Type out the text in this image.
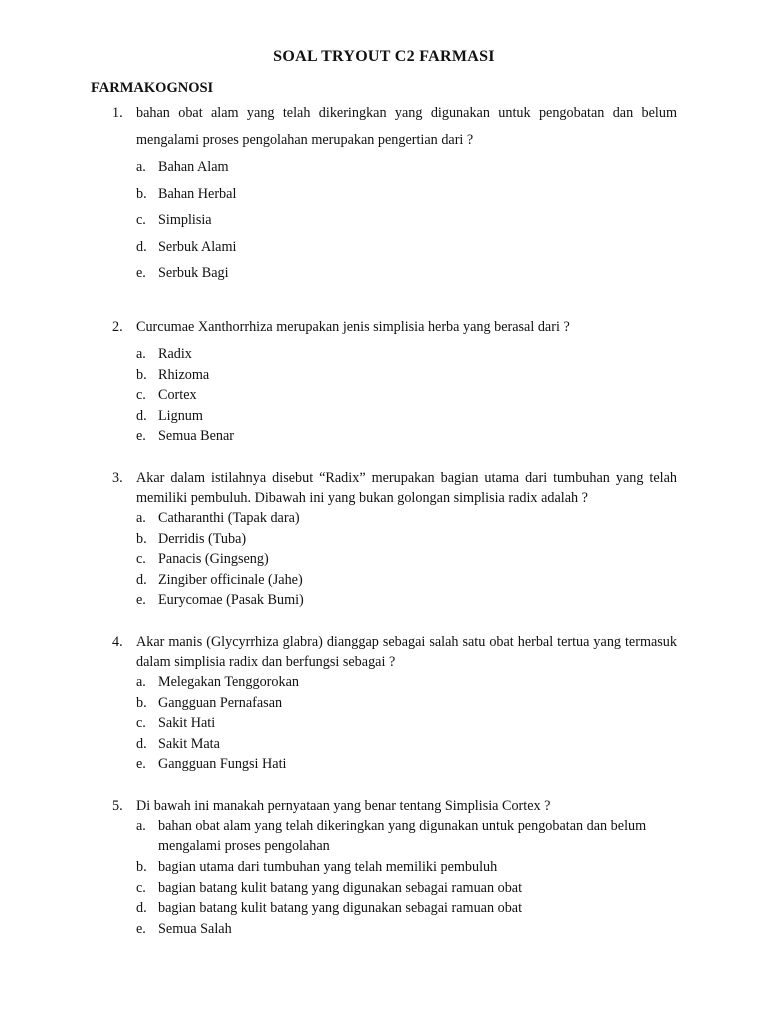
SOAL TRYOUT C2 FARMASI
FARMAKOGNOSI
1. bahan obat alam yang telah dikeringkan yang digunakan untuk pengobatan dan belum mengalami proses pengolahan merupakan pengertian dari ?
a. Bahan Alam
b. Bahan Herbal
c. Simplisia
d. Serbuk Alami
e. Serbuk Bagi
2. Curcumae Xanthorrhiza merupakan jenis simplisia herba yang berasal dari ?
a. Radix
b. Rhizoma
c. Cortex
d. Lignum
e. Semua Benar
3. Akar dalam istilahnya disebut “Radix” merupakan bagian utama dari tumbuhan yang telah memiliki pembuluh. Dibawah ini yang bukan golongan simplisia radix adalah ?
a. Catharanthi (Tapak dara)
b. Derridis (Tuba)
c. Panacis (Gingseng)
d. Zingiber officinale (Jahe)
e. Eurycomae (Pasak Bumi)
4. Akar manis (Glycyrrhiza glabra) dianggap sebagai salah satu obat herbal tertua yang termasuk dalam simplisia radix dan berfungsi sebagai ?
a. Melegakan Tenggorokan
b. Gangguan Pernafasan
c. Sakit Hati
d. Sakit Mata
e. Gangguan Fungsi Hati
5. Di bawah ini manakah pernyataan yang benar tentang Simplisia Cortex ?
a. bahan obat alam yang telah dikeringkan yang digunakan untuk pengobatan dan belum mengalami proses pengolahan
b. bagian utama dari tumbuhan yang telah memiliki pembuluh
c. bagian batang kulit batang yang digunakan sebagai ramuan obat
d. bagian batang kulit batang yang digunakan sebagai ramuan obat
e. Semua Salah
